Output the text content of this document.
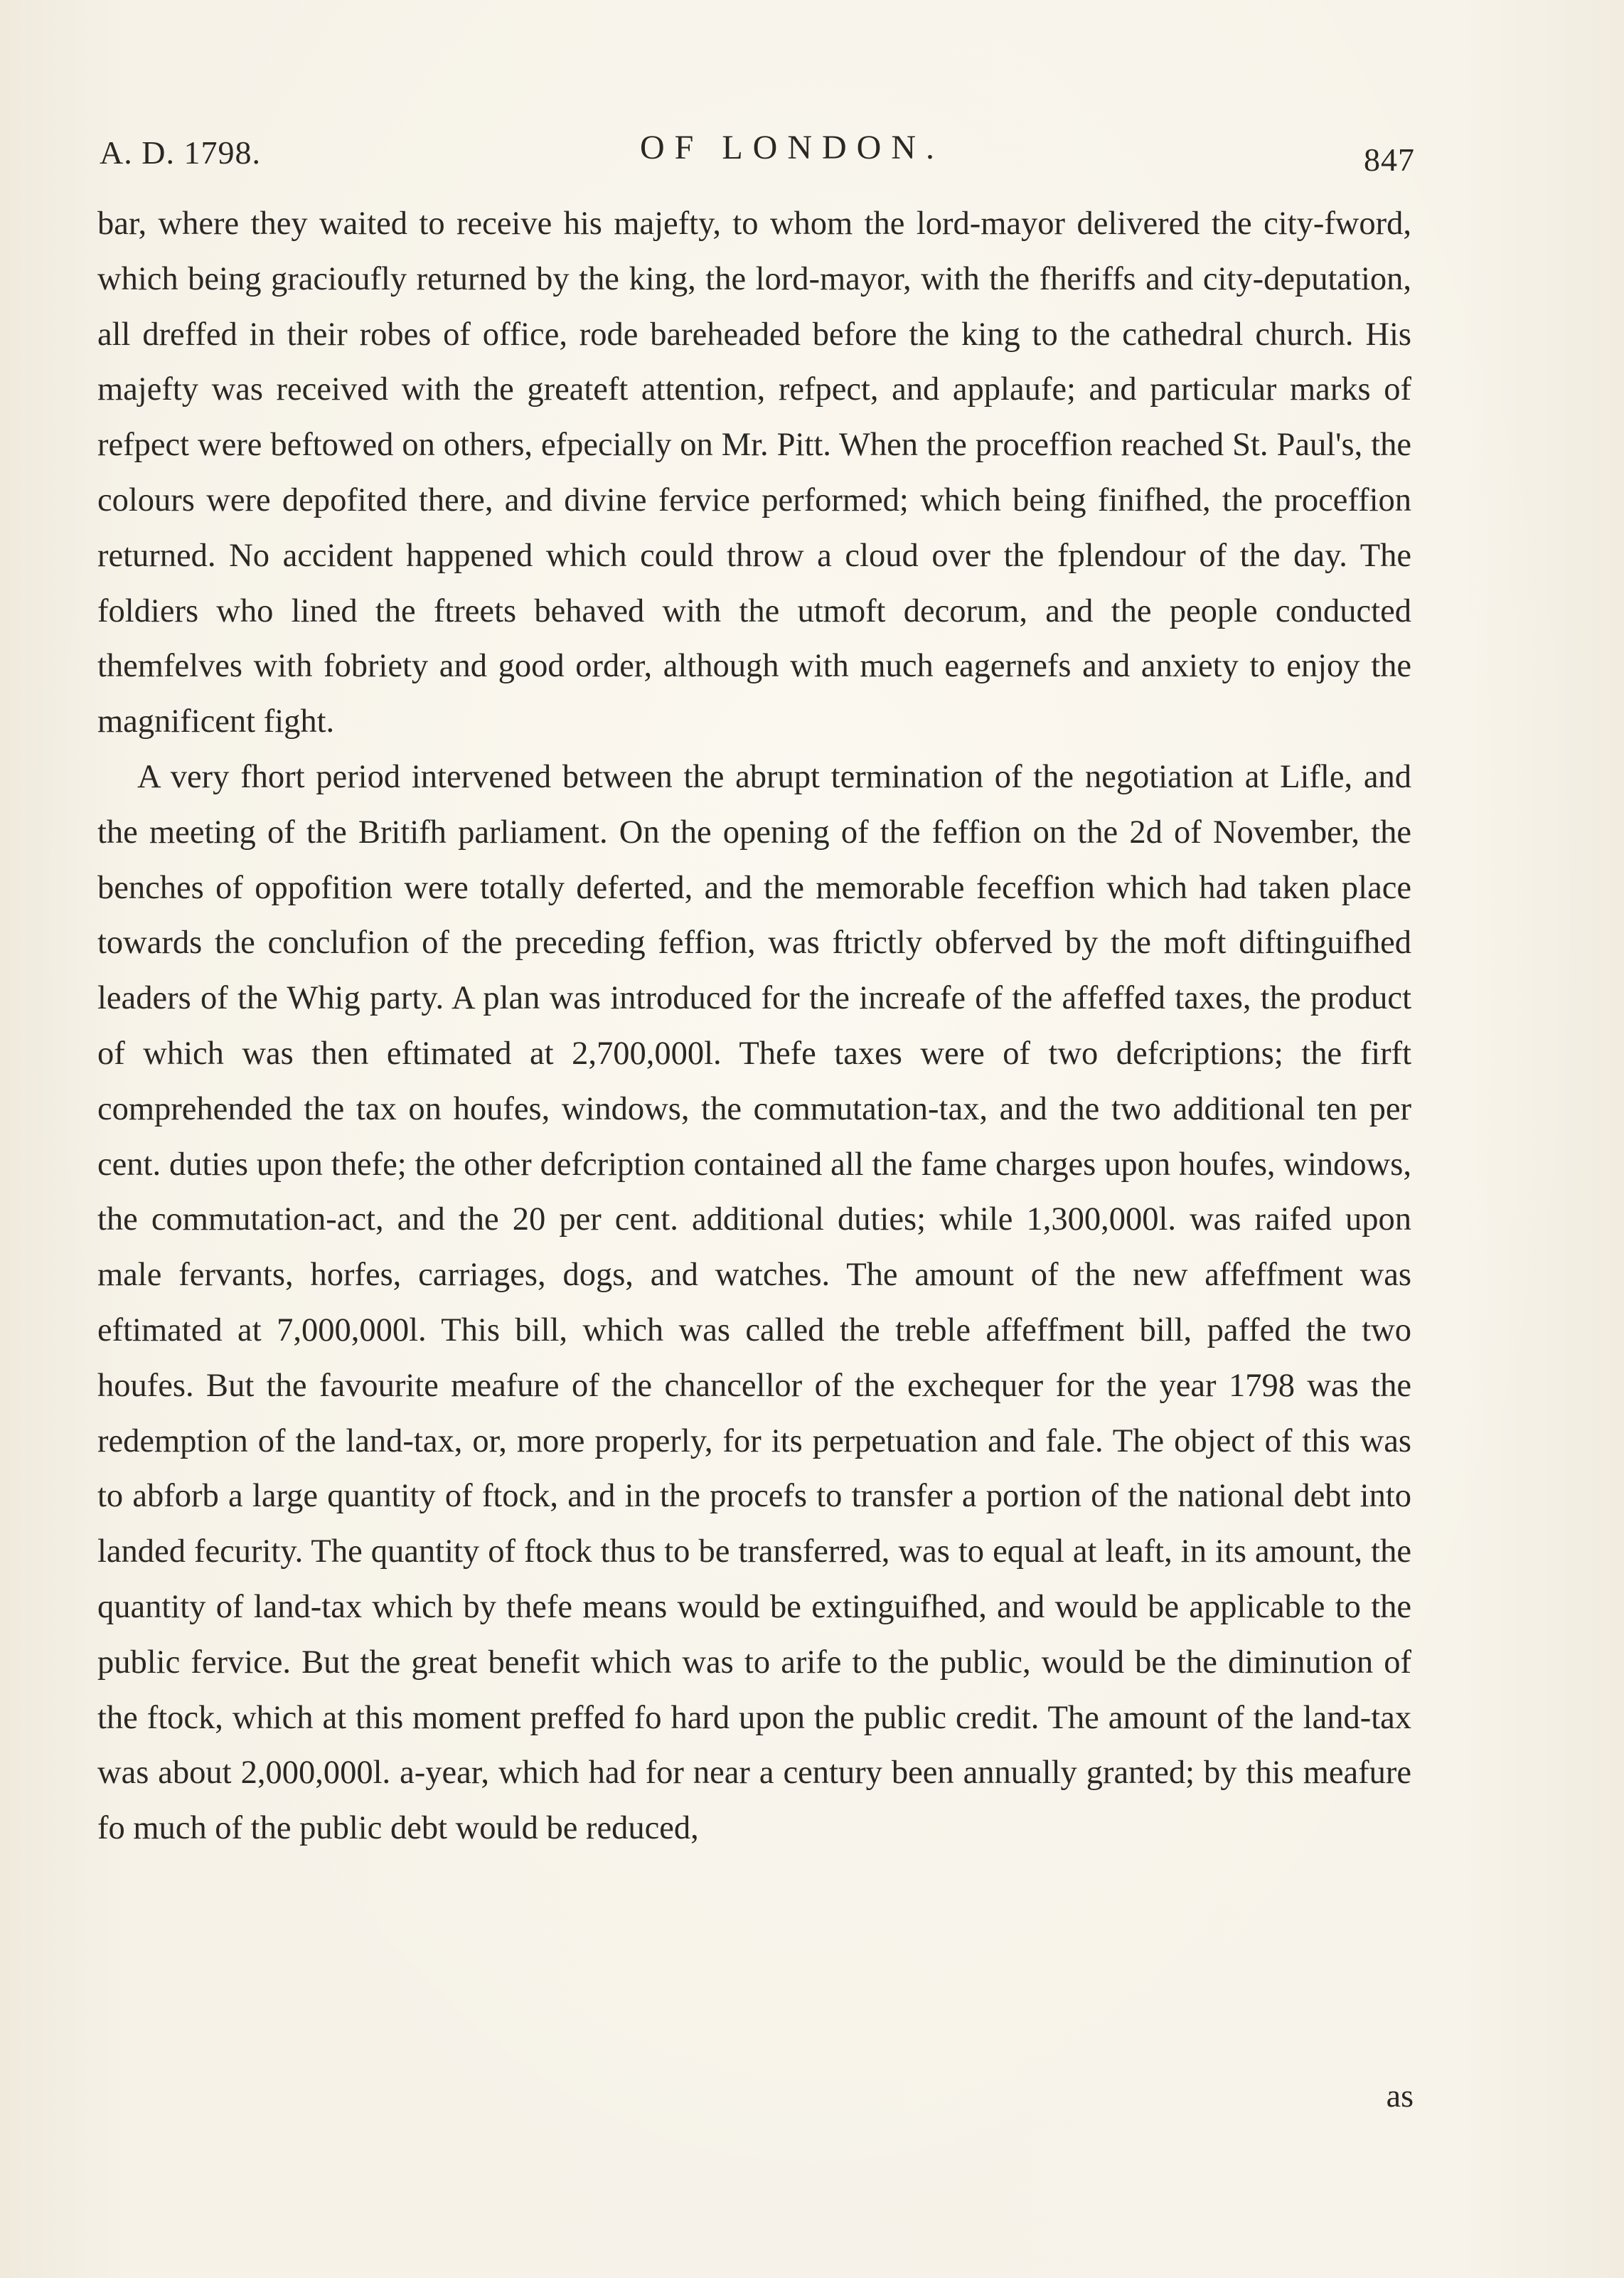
A. D. 1798.	OF LONDON.	847

bar, where they waited to receive his majefty, to whom the lord-mayor delivered the city-fword, which being gracioufly returned by the king, the lord-mayor, with the fheriffs and city-deputation, all dreffed in their robes of office, rode bareheaded before the king to the cathedral church. His majefty was received with the greateft attention, refpect, and applaufe; and particular marks of refpect were beftowed on others, efpecially on Mr. Pitt. When the proceffion reached St. Paul's, the colours were depofited there, and divine fervice performed; which being finifhed, the proceffion returned. No accident happened which could throw a cloud over the fplendour of the day. The foldiers who lined the ftreets behaved with the utmoft decorum, and the people conducted themfelves with fobriety and good order, although with much eagernefs and anxiety to enjoy the magnificent fight.

A very fhort period intervened between the abrupt termination of the negotiation at Lifle, and the meeting of the Britifh parliament. On the opening of the feffion on the 2d of November, the benches of oppofition were totally deferted, and the memorable feceffion which had taken place towards the conclufion of the preceding feffion, was ftrictly obferved by the moft diftinguifhed leaders of the Whig party. A plan was introduced for the increafe of the affeffed taxes, the product of which was then eftimated at 2,700,000l. Thefe taxes were of two defcriptions; the firft comprehended the tax on houfes, windows, the commutation-tax, and the two additional ten per cent. duties upon thefe; the other defcription contained all the fame charges upon houfes, windows, the commutation-act, and the 20 per cent. additional duties; while 1,300,000l. was raifed upon male fervants, horfes, carriages, dogs, and watches. The amount of the new affeffment was eftimated at 7,000,000l. This bill, which was called the treble affeffment bill, paffed the two houfes. But the favourite meafure of the chancellor of the exchequer for the year 1798 was the redemption of the land-tax, or, more properly, for its perpetuation and fale. The object of this was to abforb a large quantity of ftock, and in the procefs to transfer a portion of the national debt into landed fecurity. The quantity of ftock thus to be transferred, was to equal at leaft, in its amount, the quantity of land-tax which by thefe means would be extinguifhed, and would be applicable to the public fervice. But the great benefit which was to arife to the public, would be the diminution of the ftock, which at this moment preffed fo hard upon the public credit. The amount of the land-tax was about 2,000,000l. a-year, which had for near a century been annually granted; by this meafure fo much of the public debt would be reduced,

as
